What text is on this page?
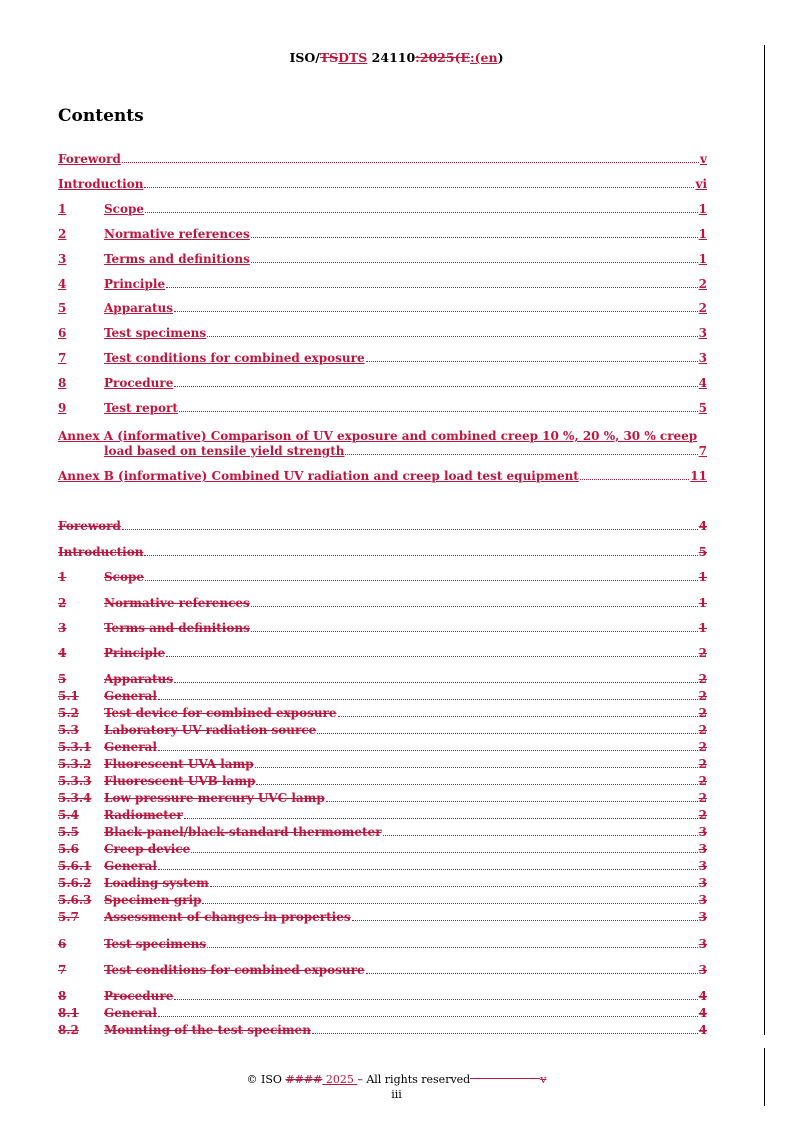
ISO/TSDTS 24110:2025(E:(en)
Contents
Foreword	v
Introduction	vi
1	Scope	1
2	Normative references	1
3	Terms and definitions	1
4	Principle	2
5	Apparatus	2
6	Test specimens	3
7	Test conditions for combined exposure	3
8	Procedure	4
9	Test report	5
Annex A (informative) Comparison of UV exposure and combined creep 10 %, 20 %, 30 % creep
load based on tensile yield strength	7
Annex B (informative) Combined UV radiation and creep load test equipment	11
Foreword	4
Introduction	5
1	Scope	1
2	Normative references	1
3	Terms and definitions	1
4	Principle	2
5	Apparatus	2
5.1	General	2
5.2	Test device for combined exposure	2
5.3	Laboratory UV radiation source	2
5.3.1	General	2
5.3.2	Fluorescent UVA lamp	2
5.3.3	Fluorescent UVB lamp	2
5.3.4	Low pressure mercury UVC lamp	2
5.4	Radiometer	2
5.5	Black-panel/black-standard thermometer	3
5.6	Creep device	3
5.6.1	General	3
5.6.2	Loading system	3
5.6.3	Specimen grip	3
5.7	Assessment of changes in properties	3
6	Test specimens	3
7	Test conditions for combined exposure	3
8	Procedure	4
8.1	General	4
8.2	Mounting of the test specimen	4
© ISO #### 2025 – All rights reserved	v
iii
